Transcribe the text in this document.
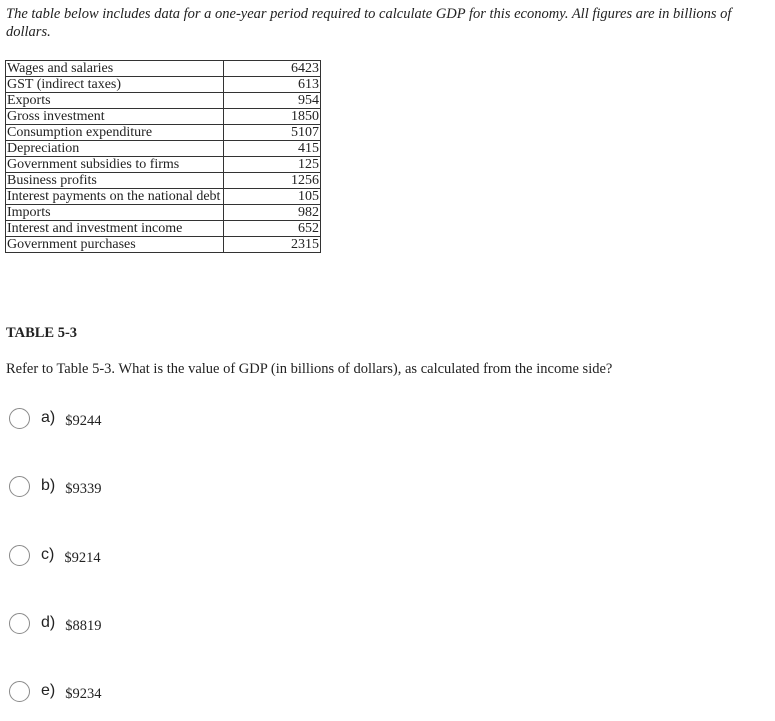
The table below includes data for a one-year period required to calculate GDP for this economy. All figures are in billions of dollars.
Wages and salaries	6423
GST (indirect taxes)	613
Exports	954
Gross investment	1850
Consumption expenditure	5107
Depreciation	415
Government subsidies to firms	125
Business profits	1256
Interest payments on the national debt	105
Imports	982
Interest and investment income	652
Government purchases	2315
TABLE 5-3
Refer to Table 5-3. What is the value of GDP (in billions of dollars), as calculated from the income side?
a) $9244
b) $9339
c) $9214
d) $8819
e) $9234
